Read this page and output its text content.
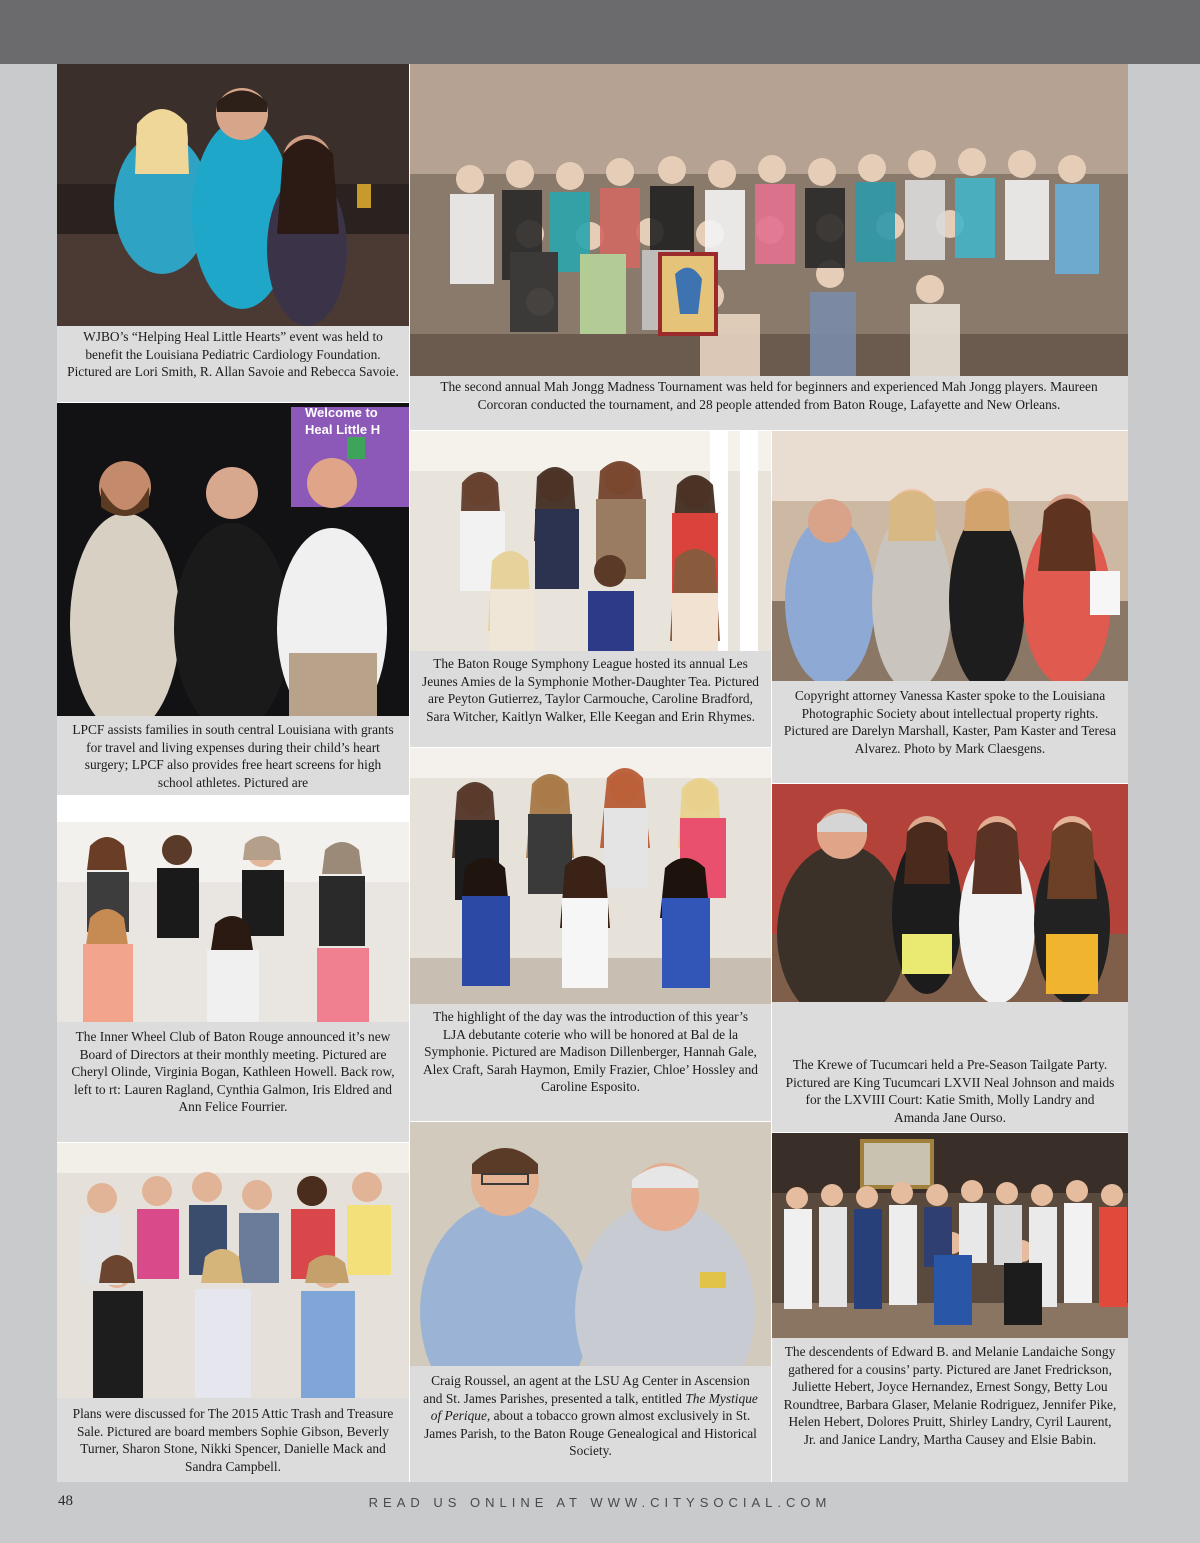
WJBO’s “Helping Heal Little Hearts” event was held to benefit the Louisiana Pediatric Cardiology Foundation. Pictured are Lori Smith, R. Allan Savoie and Rebecca Savoie.
The second annual Mah Jongg Madness Tournament was held for beginners and experienced Mah Jongg players. Maureen Corcoran conducted the tournament, and 28 people attended from Baton Rouge, Lafayette and New Orleans.
Welcome to Heal Little H
LPCF assists families in south central Louisiana with grants for travel and living expenses during their child’s heart surgery; LPCF also provides free heart screens for high school athletes. Pictured are
The Baton Rouge Symphony League hosted its annual Les Jeunes Amies de la Symphonie Mother-Daughter Tea. Pictured are Peyton Gutierrez, Taylor Carmouche, Caroline Bradford, Sara Witcher, Kaitlyn Walker, Elle Keegan and Erin Rhymes.
Copyright attorney Vanessa Kaster spoke to the Louisiana Photographic Society about intellectual property rights. Pictured are Darelyn Marshall, Kaster, Pam Kaster and Teresa Alvarez. Photo by Mark Claesgens.
The highlight of the day was the introduction of this year’s LJA debutante coterie who will be honored at Bal de la Symphonie. Pictured are Madison Dillenberger, Hannah Gale, Alex Craft, Sarah Haymon, Emily Frazier, Chloe’ Hossley and Caroline Esposito.
The Inner Wheel Club of Baton Rouge announced it’s new Board of Directors at their monthly meeting. Pictured are Cheryl Olinde, Virginia Bogan, Kathleen Howell. Back row, left to rt: Lauren Ragland, Cynthia Galmon, Iris Eldred and Ann Felice Fourrier.
The Krewe of Tucumcari held a Pre-Season Tailgate Party. Pictured are King Tucumcari LXVII Neal Johnson and maids for the LXVIII Court: Katie Smith, Molly Landry and Amanda Jane Ourso.
Plans were discussed for The 2015 Attic Trash and Treasure Sale. Pictured are board members Sophie Gibson, Beverly Turner, Sharon Stone, Nikki Spencer, Danielle Mack and Sandra Campbell.
Craig Roussel, an agent at the LSU Ag Center in Ascension and St. James Parishes, presented a talk, entitled The Mystique of Perique, about a tobacco grown almost exclusively in St. James Parish, to the Baton Rouge Genealogical and Historical Society.
The descendents of Edward B. and Melanie Landaiche Songy gathered for a cousins’ party. Pictured are Janet Fredrickson, Juliette Hebert, Joyce Hernandez, Ernest Songy, Betty Lou Roundtree, Barbara Glaser, Melanie Rodriguez, Jennifer Pike, Helen Hebert, Dolores Pruitt, Shirley Landry, Cyril Laurent, Jr. and Janice Landry, Martha Causey and Elsie Babin.
48	READ US ONLINE AT WWW.CITYSOCIAL.COM
